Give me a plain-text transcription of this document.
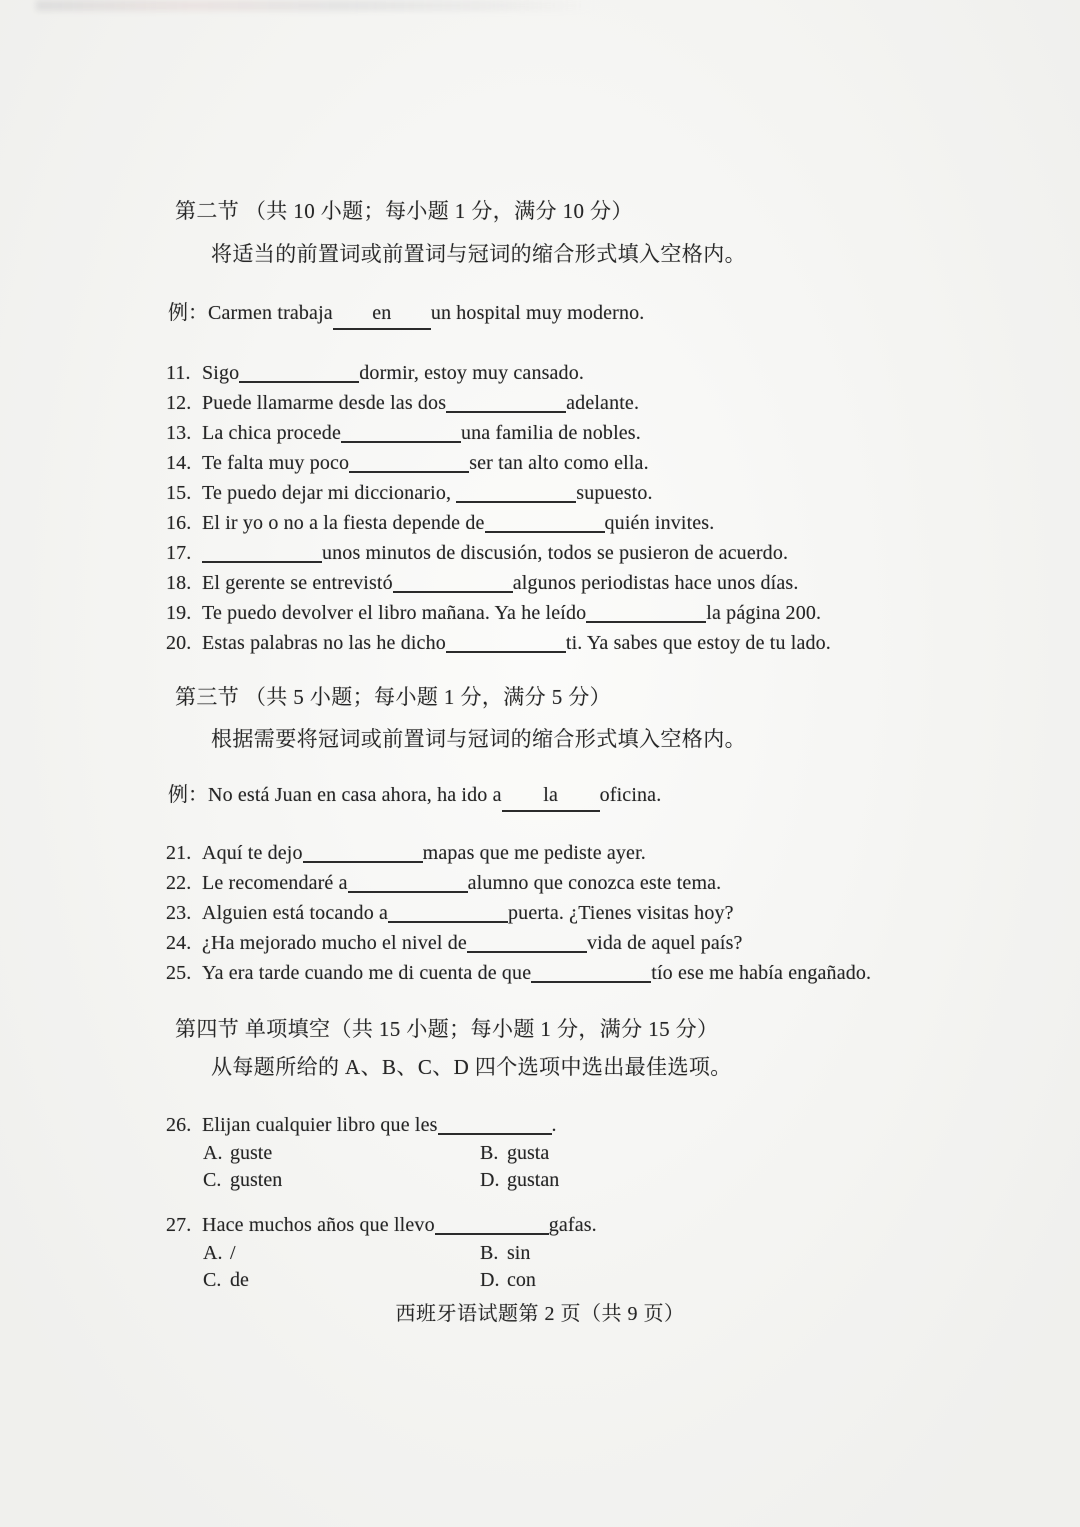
第二节 （共 10 小题；每小题 1 分，满分 10 分）
将适当的前置词或前置词与冠词的缩合形式填入空格内。
例：Carmen trabaja en un hospital muy moderno.
11. Sigo	dormir, estoy muy cansado.
12. Puede llamarme desde las dos	adelante.
13. La chica procede	una familia de nobles.
14. Te falta muy poco	ser tan alto como ella.
15. Te puedo dejar mi diccionario,	supuesto.
16. El ir yo o no a la fiesta depende de	quién invites.
17.	unos minutos de discusión, todos se pusieron de acuerdo.
18. El gerente se entrevistó	algunos periodistas hace unos días.
19. Te puedo devolver el libro mañana. Ya he leído	la página 200.
20. Estas palabras no las he dicho	ti. Ya sabes que estoy de tu lado.
第三节 （共 5 小题；每小题 1 分，满分 5 分）
根据需要将冠词或前置词与冠词的缩合形式填入空格内。
例：No está Juan en casa ahora, ha ido a la oficina.
21. Aquí te dejo	mapas que me pediste ayer.
22. Le recomendaré a	alumno que conozca este tema.
23. Alguien está tocando a	puerta. ¿Tienes visitas hoy?
24. ¿Ha mejorado mucho el nivel de	vida de aquel país?
25. Ya era tarde cuando me di cuenta de que	tío ese me había engañado.
第四节 单项填空（共 15 小题；每小题 1 分，满分 15 分）
从每题所给的 A、B、C、D 四个选项中选出最佳选项。
26. Elijan cualquier libro que les	.
A. guste	B. gusta
C. gusten	D. gustan
27. Hace muchos años que llevo	gafas.
A. /	B. sin
C. de	D. con
西班牙语试题第 2 页（共 9 页）
